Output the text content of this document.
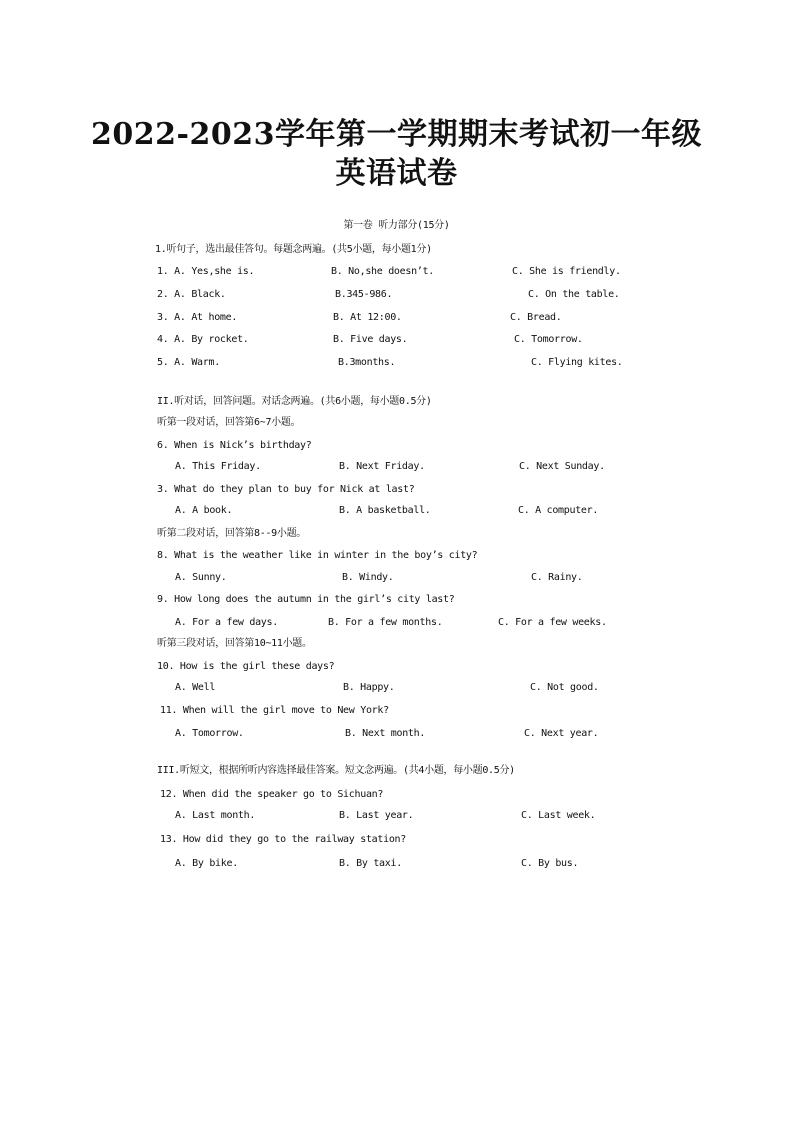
2022-2023学年第一学期期末考试初一年级
英语试卷
第一卷 听力部分(15分)
1.听句子，选出最佳答句。每题念两遍。(共5小题，每小题1分)
1. A. Yes,she is.	B. No,she doesn’t.	C. She is friendly.
2. A. Black.	B.345-986.	C. On the table.
3. A. At home.	B. At 12:00.	C. Bread.
4. A. By rocket.	B. Five days.	C. Tomorrow.
5. A. Warm.	B.3months.	C. Flying kites.
II.听对话，回答问题。对话念两遍。(共6小题，每小题0.5分)
听第一段对话，回答第6~7小题。
6. When is Nick’s birthday?
A. This Friday.	B. Next Friday.	C. Next Sunday.
3. What do they plan to buy for Nick at last?
A. A book.	B. A basketball.	C. A computer.
听第二段对话，回答第8--9小题。
8. What is the weather like in winter in the boy’s city?
A. Sunny.	B. Windy.	C. Rainy.
9. How long does the autumn in the girl’s city last?
A. For a few days.	B. For a few months.	C. For a few weeks.
听第三段对话，回答第10~11小题。
10. How is the girl these days?
A. Well	B. Happy.	C. Not good.
11. When will the girl move to New York?
A. Tomorrow.	B. Next month.	C. Next year.
III.听短文，根据所听内容选择最佳答案。短文念两遍。(共4小题，每小题0.5分)
12. When did the speaker go to Sichuan?
A. Last month.	B. Last year.	C. Last week.
13. How did they go to the railway station?
A. By bike.	B. By taxi.	C. By bus.
